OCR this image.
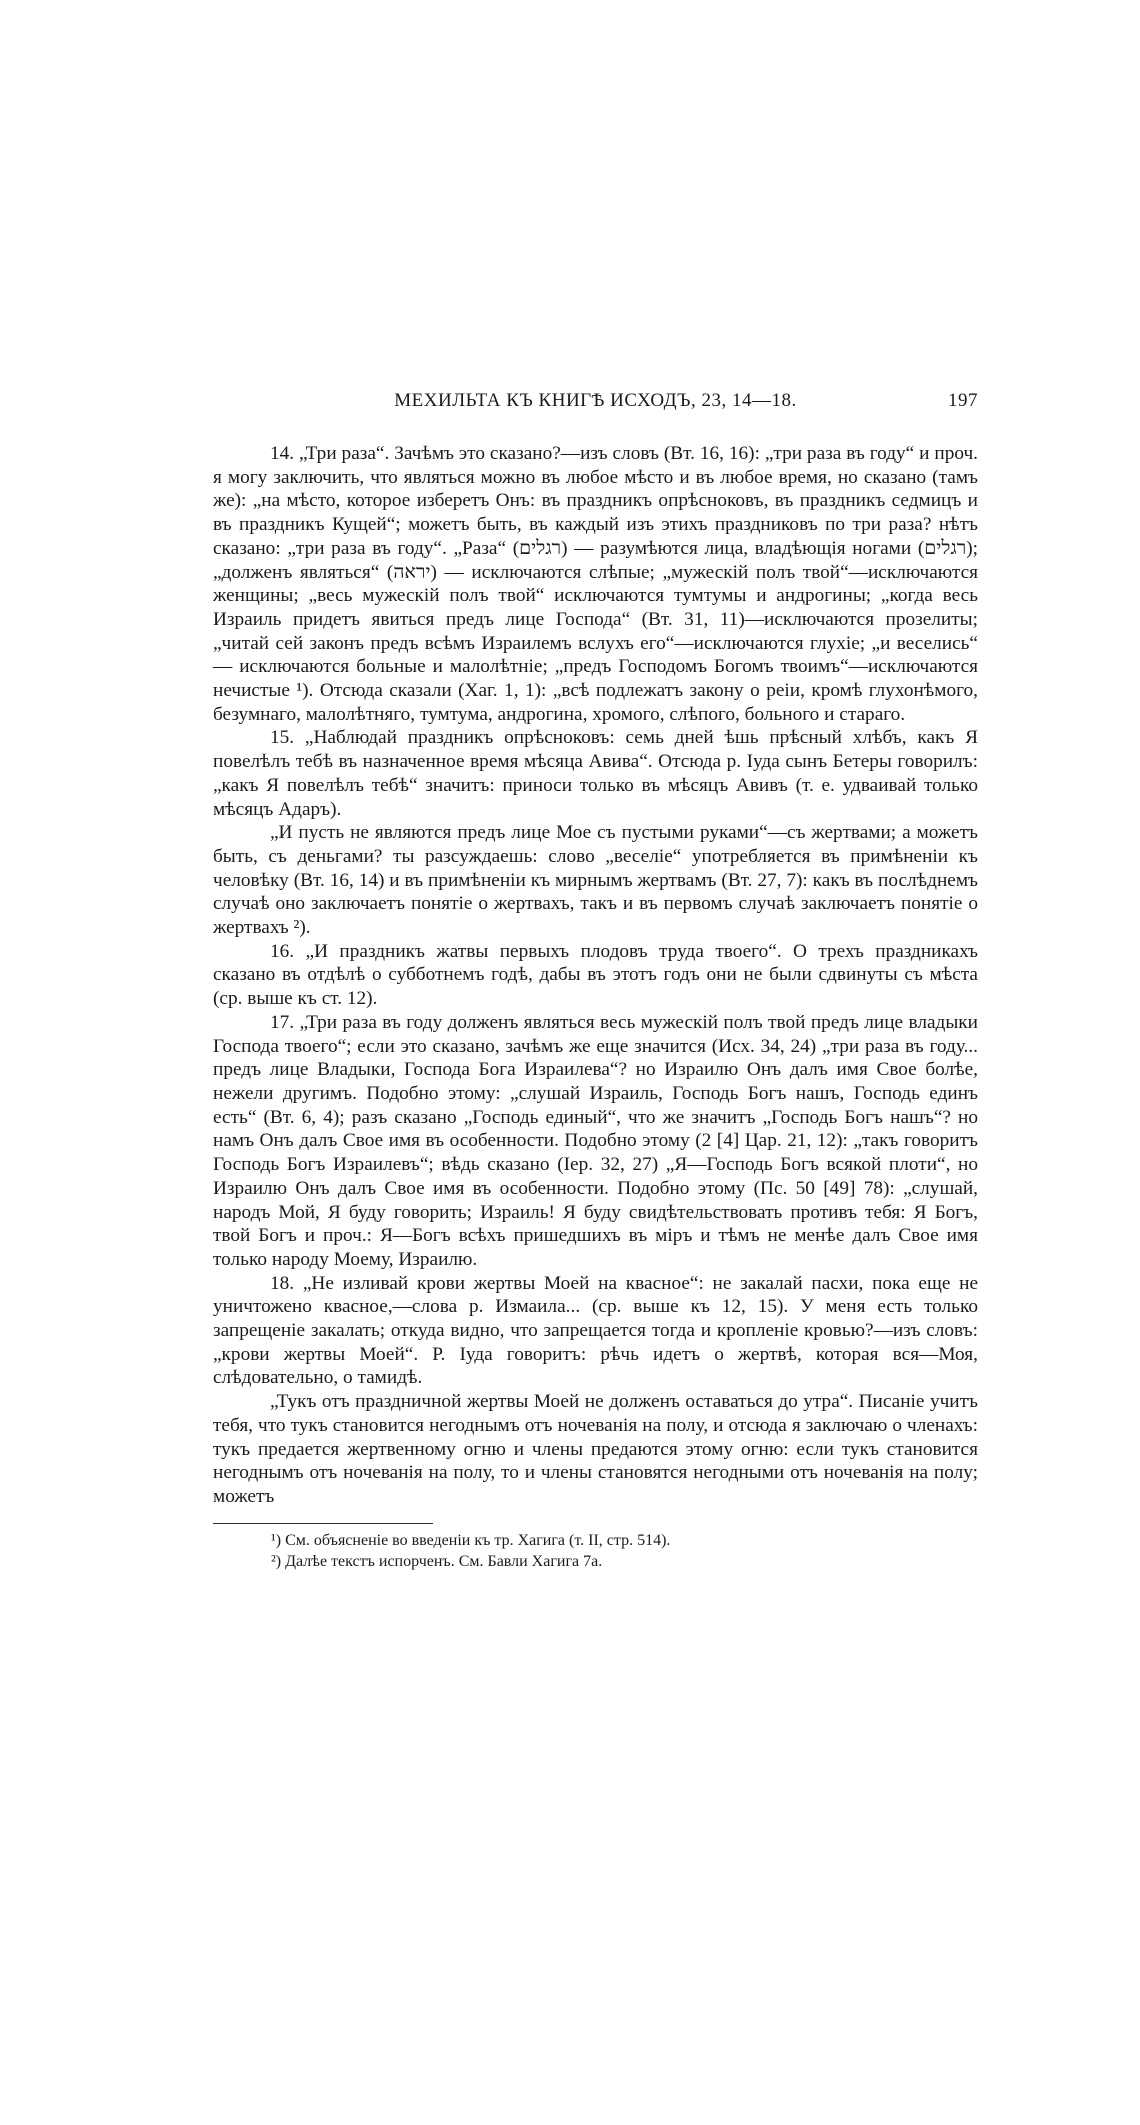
МЕХИЛЬТА КЪ КНИГѢ ИСХОДЪ, 23, 14—18.	197

14. „Три раза“. Зачѣмъ это сказано?—изъ словъ (Вт. 16, 16): „три раза въ году“ и проч. я могу заключить, что являться можно въ любое мѣсто и въ любое время, но сказано (тамъ же): „на мѣсто, которое изберетъ Онъ: въ праздникъ опрѣсноковъ, въ праздникъ седмицъ и въ праздникъ Кущей“; можетъ быть, въ каждый изъ этихъ праздниковъ по три раза? нѣтъ сказано: „три раза въ году“. „Раза“ (רגלים) — разумѣются лица, владѣющія ногами (רגלים); „долженъ являться“ (יראה) — исключаются слѣпые; „мужескій полъ твой“—исключаются женщины; „весь мужескій полъ твой“ исключаются тумтумы и андрогины; „когда весь Израиль придетъ явиться предъ лице Господа“ (Вт. 31, 11)—исключаются прозелиты; „читай сей законъ предъ всѣмъ Израилемъ вслухъ его“—исключаются глухіе; „и веселись“ — исключаются больные и малолѣтніе; „предъ Господомъ Богомъ твоимъ“—исключаются нечистые ¹). Отсюда сказали (Хаг. 1, 1): „всѣ подлежатъ закону о реіи, кромѣ глухонѣмого, безумнаго, малолѣтняго, тумтума, андрогина, хромого, слѣпого, больного и стараго.

15. „Наблюдай праздникъ опрѣсноковъ: семь дней ѣшь прѣсный хлѣбъ, какъ Я повелѣлъ тебѣ въ назначенное время мѣсяца Авива“. Отсюда р. Іуда сынъ Бетеры говорилъ: „какъ Я повелѣлъ тебѣ“ значитъ: приноси только въ мѣсяцъ Авивъ (т. е. удваивай только мѣсяцъ Адаръ).

„И пусть не являются предъ лице Мое съ пустыми руками“—съ жертвами; а можетъ быть, съ деньгами? ты разсуждаешь: слово „веселіе“ употребляется въ примѣненіи къ человѣку (Вт. 16, 14) и въ примѣненіи къ мирнымъ жертвамъ (Вт. 27, 7): какъ въ послѣднемъ случаѣ оно заключаетъ понятіе о жертвахъ, такъ и въ первомъ случаѣ заключаетъ понятіе о жертвахъ ²).

16. „И праздникъ жатвы первыхъ плодовъ труда твоего“. О трехъ праздникахъ сказано въ отдѣлѣ о субботнемъ годѣ, дабы въ этотъ годъ они не были сдвинуты съ мѣста (ср. выше къ ст. 12).

17. „Три раза въ году долженъ являться весь мужескій полъ твой предъ лице владыки Господа твоего“; если это сказано, зачѣмъ же еще значится (Исх. 34, 24) „три раза въ году... предъ лице Владыки, Господа Бога Израилева“? но Израилю Онъ далъ имя Свое болѣе, нежели другимъ. Подобно этому: „слушай Израиль, Господь Богъ нашъ, Господь единъ есть“ (Вт. 6, 4); разъ сказано „Господь единый“, что же значитъ „Господь Богъ нашъ“? но намъ Онъ далъ Свое имя въ особенности. Подобно этому (2 [4] Цар. 21, 12): „такъ говоритъ Господь Богъ Израилевъ“; вѣдь сказано (Іер. 32, 27) „Я—Господь Богъ всякой плоти“, но Израилю Онъ далъ Свое имя въ особенности. Подобно этому (Пс. 50 [49] 78): „слушай, народъ Мой, Я буду говорить; Израиль! Я буду свидѣтельствовать противъ тебя: Я Богъ, твой Богъ и проч.: Я—Богъ всѣхъ пришедшихъ въ міръ и тѣмъ не менѣе далъ Свое имя только народу Моему, Израилю.

18. „Не изливай крови жертвы Моей на квасное“: не закалай пасхи, пока еще не уничтожено квасное,—слова р. Измаила... (ср. выше къ 12, 15). У меня есть только запрещеніе закалать; откуда видно, что запрещается тогда и кропленіе кровью?—изъ словъ: „крови жертвы Моей“. Р. Іуда говоритъ: рѣчь идетъ о жертвѣ, которая вся—Моя, слѣдовательно, о тамидѣ.

„Тукъ отъ праздничной жертвы Моей не долженъ оставаться до утра“. Писаніе учитъ тебя, что тукъ становится негоднымъ отъ ночеванія на полу, и отсюда я заключаю о членахъ: тукъ предается жертвенному огню и члены предаются этому огню: если тукъ становится негоднымъ отъ ночеванія на полу, то и члены становятся негодными отъ ночеванія на полу; можетъ

¹) См. объясненіе во введеніи къ тр. Хагига (т. II, стр. 514).
²) Далѣе текстъ испорченъ. См. Бавли Хагига 7а.
